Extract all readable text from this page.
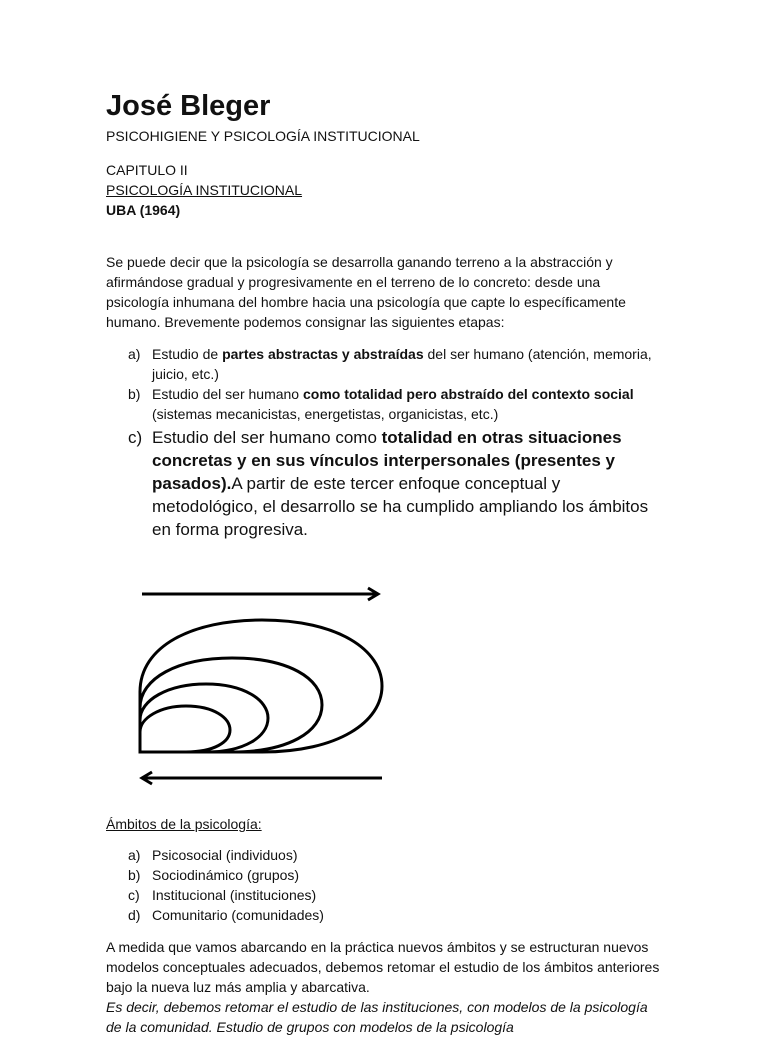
José Bleger
PSICOHIGIENE Y PSICOLOGÍA INSTITUCIONAL
CAPITULO II
PSICOLOGÍA INSTITUCIONAL
UBA (1964)

Se puede decir que la psicología se desarrolla ganando terreno a la abstracción y afirmándose gradual y progresivamente en el terreno de lo concreto: desde una psicología inhumana del hombre hacia una psicología que capte lo específicamente humano. Brevemente podemos consignar las siguientes etapas:

a) Estudio de partes abstractas y abstraídas del ser humano (atención, memoria, juicio, etc.)
b) Estudio del ser humano como totalidad pero abstraído del contexto social (sistemas mecanicistas, energetistas, organicistas, etc.)
c) Estudio del ser humano como totalidad en otras situaciones concretas y en sus vínculos interpersonales (presentes y pasados).A partir de este tercer enfoque conceptual y metodológico, el desarrollo se ha cumplido ampliando los ámbitos en forma progresiva.
Ámbitos de la psicología:
a) Psicosocial (individuos)
b) Sociodinámico (grupos)
c) Institucional (instituciones)
d) Comunitario (comunidades)

A medida que vamos abarcando en la práctica nuevos ámbitos y se estructuran nuevos modelos conceptuales adecuados, debemos retomar el estudio de los ámbitos anteriores bajo la nueva luz más amplia y abarcativa.
Es decir, debemos retomar el estudio de las instituciones, con modelos de la psicología de la comunidad. Estudio de grupos con modelos de la psicología
